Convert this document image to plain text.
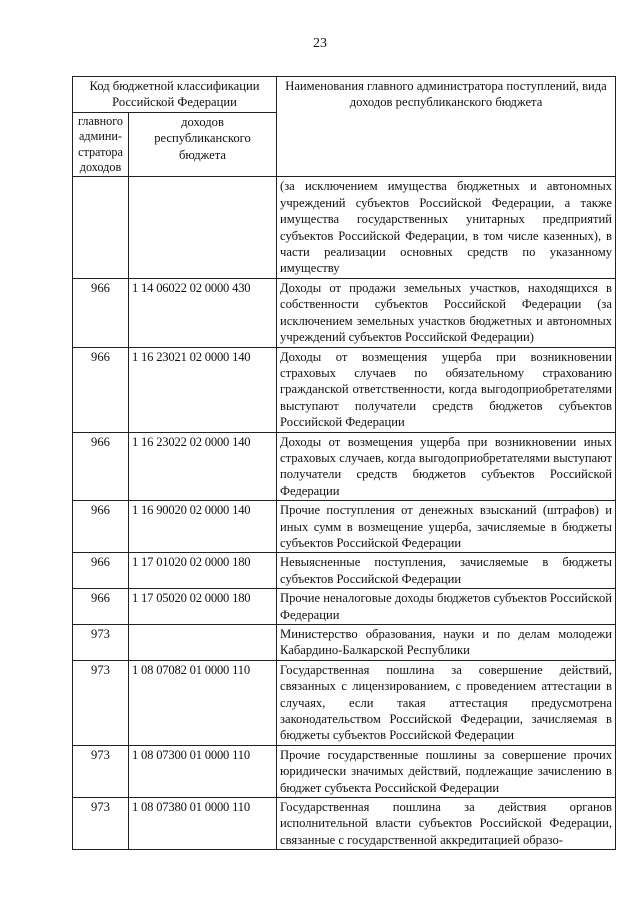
23
Код бюджетной классификации Российской Федерации		Наименования главного администратора поступлений, вида доходов республиканского бюджета
главного
админи-
стратора
доходов	доходов республиканского бюджета	
		(за исключением имущества бюджетных и автономных учреждений субъектов Российской Федерации, а также имущества государственных унитарных предприятий субъектов Российской Федерации, в том числе казенных), в части реализации основных средств по указанному имуществу
966	1 14 06022 02 0000 430	Доходы от продажи земельных участков, находящихся в собственности субъектов Российской Федерации (за исключением земельных участков бюджетных и автономных учреждений субъектов Российской Федерации)
966	1 16 23021 02 0000 140	Доходы от возмещения ущерба при возникновении страховых случаев по обязательному страхованию гражданской ответственности, когда выгодоприобретателями выступают получатели средств бюджетов субъектов Российской Федерации
966	1 16 23022 02 0000 140	Доходы от возмещения ущерба при возникновении иных страховых случаев, когда выгодоприобретателями выступают получатели средств бюджетов субъектов Российской Федерации
966	1 16 90020 02 0000 140	Прочие поступления от денежных взысканий (штрафов) и иных сумм в возмещение ущерба, зачисляемые в бюджеты субъектов Российской Федерации
966	1 17 01020 02 0000 180	Невыясненные поступления, зачисляемые в бюджеты субъектов Российской Федерации
966	1 17 05020 02 0000 180	Прочие неналоговые доходы бюджетов субъектов Российской Федерации
973		Министерство образования, науки и по делам молодежи Кабардино-Балкарской Республики
973	1 08 07082 01 0000 110	Государственная пошлина за совершение действий, связанных с лицензированием, с проведением аттестации в случаях, если такая аттестация предусмотрена законодательством Российской Федерации, зачисляемая в бюджеты субъектов Российской Федерации
973	1 08 07300 01 0000 110	Прочие государственные пошлины за совершение прочих юридически значимых действий, подлежащие зачислению в бюджет субъекта Российской Федерации
973	1 08 07380 01 0000 110	Государственная пошлина за действия органов исполнительной власти субъектов Российской Федерации, связанные с государственной аккредитацией образо-
